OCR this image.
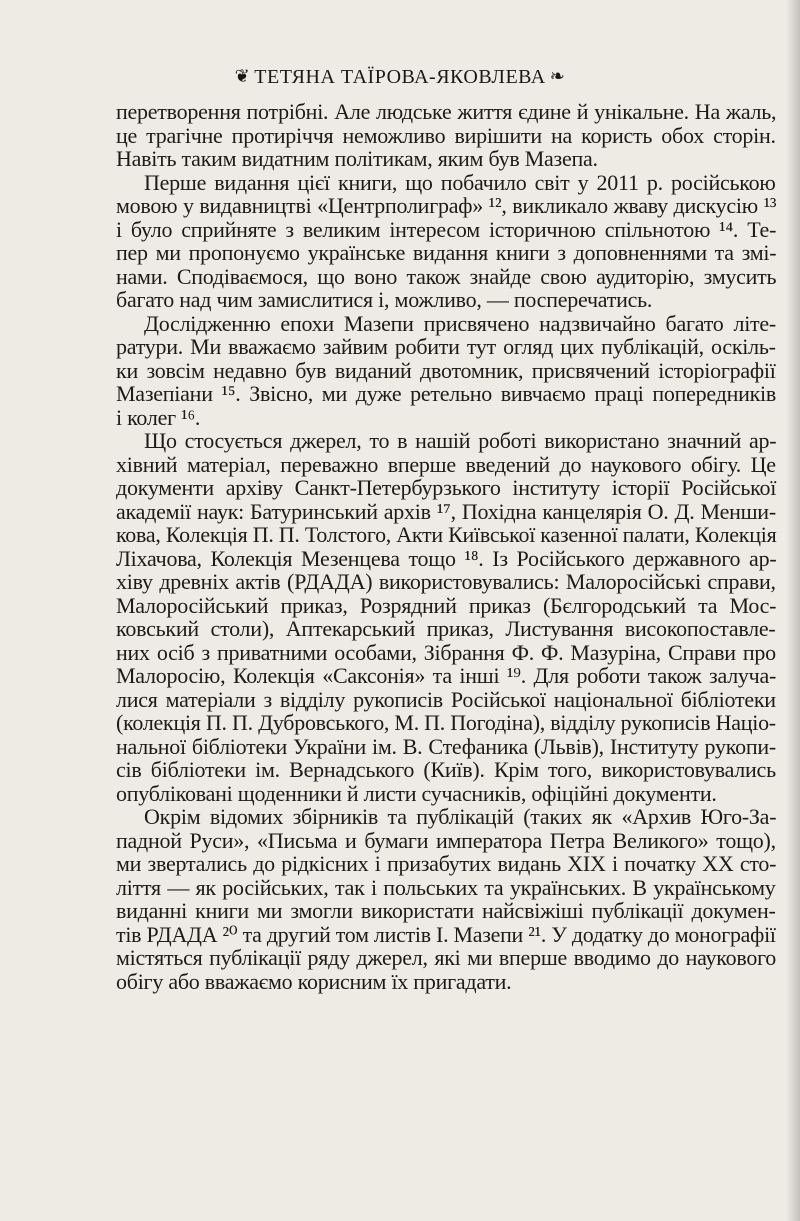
❦ ТЕТЯНА ТАЇРОВА-ЯКОВЛЕВА ❧
перетворення потрібні. Але людське життя єдине й унікальне. На жаль,
це трагічне протиріччя неможливо вирішити на користь обох сторін.
Навіть таким видатним політикам, яким був Мазепа.
Перше видання цієї книги, що побачило світ у 2011 р. російською
мовою у видавництві «Центрполиграф» ¹², викликало жваву дискусію ¹³
і було сприйняте з великим інтересом історичною спільнотою ¹⁴. Те-
пер ми пропонуємо українське видання книги з доповненнями та змі-
нами. Сподіваємося, що воно також знайде свою аудиторію, змусить
багато над чим замислитися і, можливо, — посперечатись.
Дослідженню епохи Мазепи присвячено надзвичайно багато літе-
ратури. Ми вважаємо зайвим робити тут огляд цих публікацій, оскіль-
ки зовсім недавно був виданий двотомник, присвячений історіографії
Мазепіани ¹⁵. Звісно, ми дуже ретельно вивчаємо праці попередників
і колег ¹⁶.
Що стосується джерел, то в нашій роботі використано значний ар-
хівний матеріал, переважно вперше введений до наукового обігу. Це
документи архіву Санкт-Петербурзького інституту історії Російської
академії наук: Батуринський архів ¹⁷, Похідна канцелярія О. Д. Менши-
кова, Колекція П. П. Толстого, Акти Київської казенної палати, Колекція
Ліхачова, Колекція Мезенцева тощо ¹⁸. Із Російського державного ар-
хіву древніх актів (РДАДА) використовувались: Малоросійські справи,
Малоросійський приказ, Розрядний приказ (Бєлгородський та Мос-
ковський столи), Аптекарський приказ, Листування високопоставле-
них осіб з приватними особами, Зібрання Ф. Ф. Мазуріна, Справи про
Малоросію, Колекція «Саксонія» та інші ¹⁹. Для роботи також залуча-
лися матеріали з відділу рукописів Російської національної бібліотеки
(колекція П. П. Дубровського, М. П. Погодіна), відділу рукописів Націо-
нальної бібліотеки України ім. В. Стефаника (Львів), Інституту рукопи-
сів бібліотеки ім. Вернадського (Київ). Крім того, використовувались
опубліковані щоденники й листи сучасників, офіційні документи.
Окрім відомих збірників та публікацій (таких як «Архив Юго-За-
падной Руси», «Письма и бумаги императора Петра Великого» тощо),
ми звертались до рідкісних і призабутих видань XIX і початку XX сто-
ліття — як російських, так і польських та українських. В українському
виданні книги ми змогли використати найсвіжіші публікації докумен-
тів РДАДА ²⁰ та другий том листів І. Мазепи ²¹. У додатку до монографії
містяться публікації ряду джерел, які ми вперше вводимо до наукового
обігу або вважаємо корисним їх пригадати.
